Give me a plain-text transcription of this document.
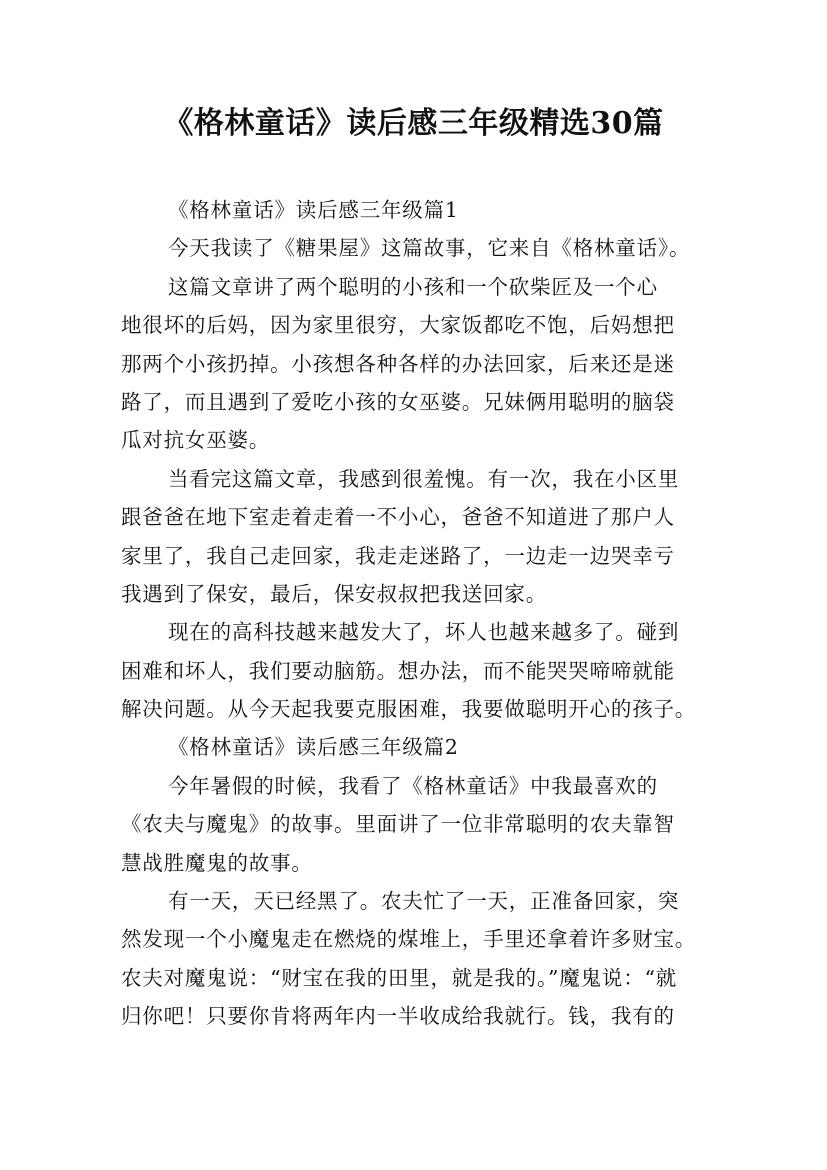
《格林童话》读后感三年级精选30篇
《格林童话》读后感三年级篇1
今天我读了《糖果屋》这篇故事，它来自《格林童话》。
这篇文章讲了两个聪明的小孩和一个砍柴匠及一个心
地很坏的后妈，因为家里很穷，大家饭都吃不饱，后妈想把
那两个小孩扔掉。小孩想各种各样的办法回家，后来还是迷
路了，而且遇到了爱吃小孩的女巫婆。兄妹俩用聪明的脑袋
瓜对抗女巫婆。
当看完这篇文章，我感到很羞愧。有一次，我在小区里
跟爸爸在地下室走着走着一不小心，爸爸不知道进了那户人
家里了，我自己走回家，我走走迷路了，一边走一边哭幸亏
我遇到了保安，最后，保安叔叔把我送回家。
现在的高科技越来越发大了，坏人也越来越多了。碰到
困难和坏人，我们要动脑筋。想办法，而不能哭哭啼啼就能
解决问题。从今天起我要克服困难，我要做聪明开心的孩子。
《格林童话》读后感三年级篇2
今年暑假的时候，我看了《格林童话》中我最喜欢的
《农夫与魔鬼》的故事。里面讲了一位非常聪明的农夫靠智
慧战胜魔鬼的故事。
有一天，天已经黑了。农夫忙了一天，正准备回家，突
然发现一个小魔鬼走在燃烧的煤堆上，手里还拿着许多财宝。
农夫对魔鬼说：“财宝在我的田里，就是我的。”魔鬼说：“就
归你吧！只要你肯将两年内一半收成给我就行。钱，我有的
